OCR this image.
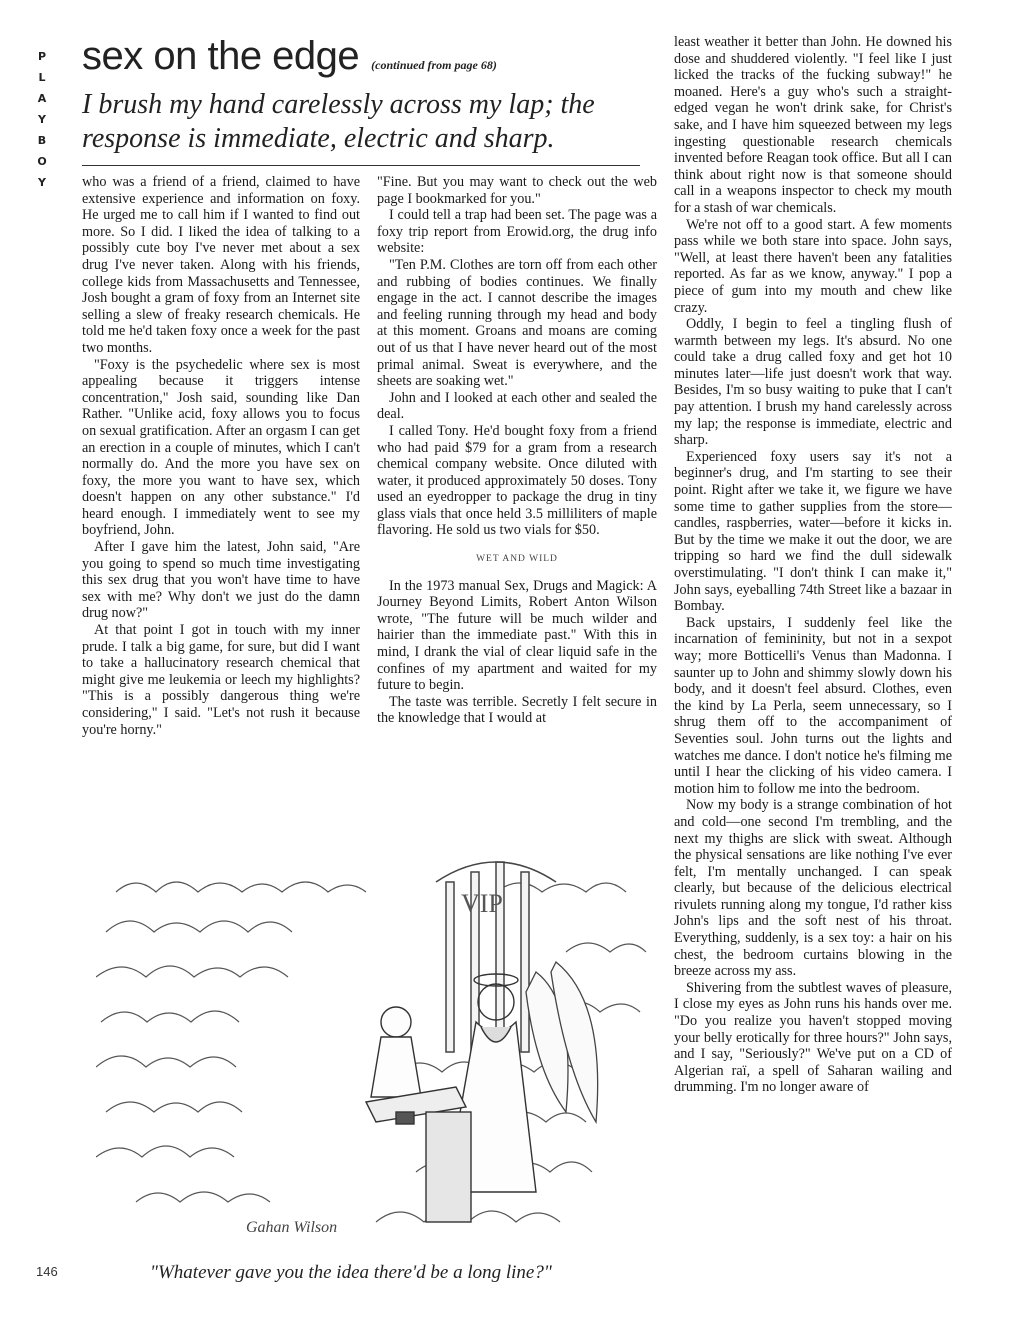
P
L
A
Y
B
O
Y
sex on the edge (continued from page 68)
I brush my hand carelessly across my lap; the response is immediate, electric and sharp.

who was a friend of a friend, claimed to have extensive experience and information on foxy. He urged me to call him if I wanted to find out more. So I did. I liked the idea of talking to a possibly cute boy I've never met about a sex drug I've never taken. Along with his friends, college kids from Massachusetts and Tennessee, Josh bought a gram of foxy from an Internet site selling a slew of freaky research chemicals. He told me he'd taken foxy once a week for the past two months.

"Foxy is the psychedelic where sex is most appealing because it triggers intense concentration," Josh said, sounding like Dan Rather. "Unlike acid, foxy allows you to focus on sexual gratification. After an orgasm I can get an erection in a couple of minutes, which I can't normally do. And the more you have sex on foxy, the more you want to have sex, which doesn't happen on any other substance." I'd heard enough. I immediately went to see my boyfriend, John.

After I gave him the latest, John said, "Are you going to spend so much time investigating this sex drug that you won't have time to have sex with me? Why don't we just do the damn drug now?"

At that point I got in touch with my inner prude. I talk a big game, for sure, but did I want to take a hallucinatory research chemical that might give me leukemia or leech my highlights? "This is a possibly dangerous thing we're considering," I said. "Let's not rush it because you're horny."

"Fine. But you may want to check out the web page I bookmarked for you."

I could tell a trap had been set. The page was a foxy trip report from Erowid.org, the drug info website:

"Ten P.M. Clothes are torn off from each other and rubbing of bodies continues. We finally engage in the act. I cannot describe the images and feeling running through my head and body at this moment. Groans and moans are coming out of us that I have never heard out of the most primal animal. Sweat is everywhere, and the sheets are soaking wet."

John and I looked at each other and sealed the deal.

I called Tony. He'd bought foxy from a friend who had paid $79 for a gram from a research chemical company website. Once diluted with water, it produced approximately 50 doses. Tony used an eyedropper to package the drug in tiny glass vials that once held 3.5 milliliters of maple flavoring. He sold us two vials for $50.

WET AND WILD

In the 1973 manual Sex, Drugs and Magick: A Journey Beyond Limits, Robert Anton Wilson wrote, "The future will be much wilder and hairier than the immediate past." With this in mind, I drank the vial of clear liquid safe in the confines of my apartment and waited for my future to begin.

The taste was terrible. Secretly I felt secure in the knowledge that I would at

least weather it better than John. He downed his dose and shuddered violently. "I feel like I just licked the tracks of the fucking subway!" he moaned. Here's a guy who's such a straight-edged vegan he won't drink sake, for Christ's sake, and I have him squeezed between my legs ingesting questionable research chemicals invented before Reagan took office. But all I can think about right now is that someone should call in a weapons inspector to check my mouth for a stash of war chemicals.

We're not off to a good start. A few moments pass while we both stare into space. John says, "Well, at least there haven't been any fatalities reported. As far as we know, anyway." I pop a piece of gum into my mouth and chew like crazy.

Oddly, I begin to feel a tingling flush of warmth between my legs. It's absurd. No one could take a drug called foxy and get hot 10 minutes later—life just doesn't work that way. Besides, I'm so busy waiting to puke that I can't pay attention. I brush my hand carelessly across my lap; the response is immediate, electric and sharp.

Experienced foxy users say it's not a beginner's drug, and I'm starting to see their point. Right after we take it, we figure we have some time to gather supplies from the store—candles, raspberries, water—before it kicks in. But by the time we make it out the door, we are tripping so hard we find the dull sidewalk overstimulating. "I don't think I can make it," John says, eyeballing 74th Street like a bazaar in Bombay.

Back upstairs, I suddenly feel like the incarnation of femininity, but not in a sexpot way; more Botticelli's Venus than Madonna. I saunter up to John and shimmy slowly down his body, and it doesn't feel absurd. Clothes, even the kind by La Perla, seem unnecessary, so I shrug them off to the accompaniment of Seventies soul. John turns out the lights and watches me dance. I don't notice he's filming me until I hear the clicking of his video camera. I motion him to follow me into the bedroom.

Now my body is a strange combination of hot and cold—one second I'm trembling, and the next my thighs are slick with sweat. Although the physical sensations are like nothing I've ever felt, I'm mentally unchanged. I can speak clearly, but because of the delicious electrical rivulets running along my tongue, I'd rather kiss John's lips and the soft nest of his throat. Everything, suddenly, is a sex toy: a hair on his chest, the bedroom curtains blowing in the breeze across my ass.

Shivering from the subtlest waves of pleasure, I close my eyes as John runs his hands over me. "Do you realize you haven't stopped moving your belly erotically for three hours?" John says, and I say, "Seriously?" We've put on a CD of Algerian raï, a spell of Saharan wailing and drumming. I'm no longer aware of

VIP
Gahan Wilson
"Whatever gave you the idea there'd be a long line?"
146
